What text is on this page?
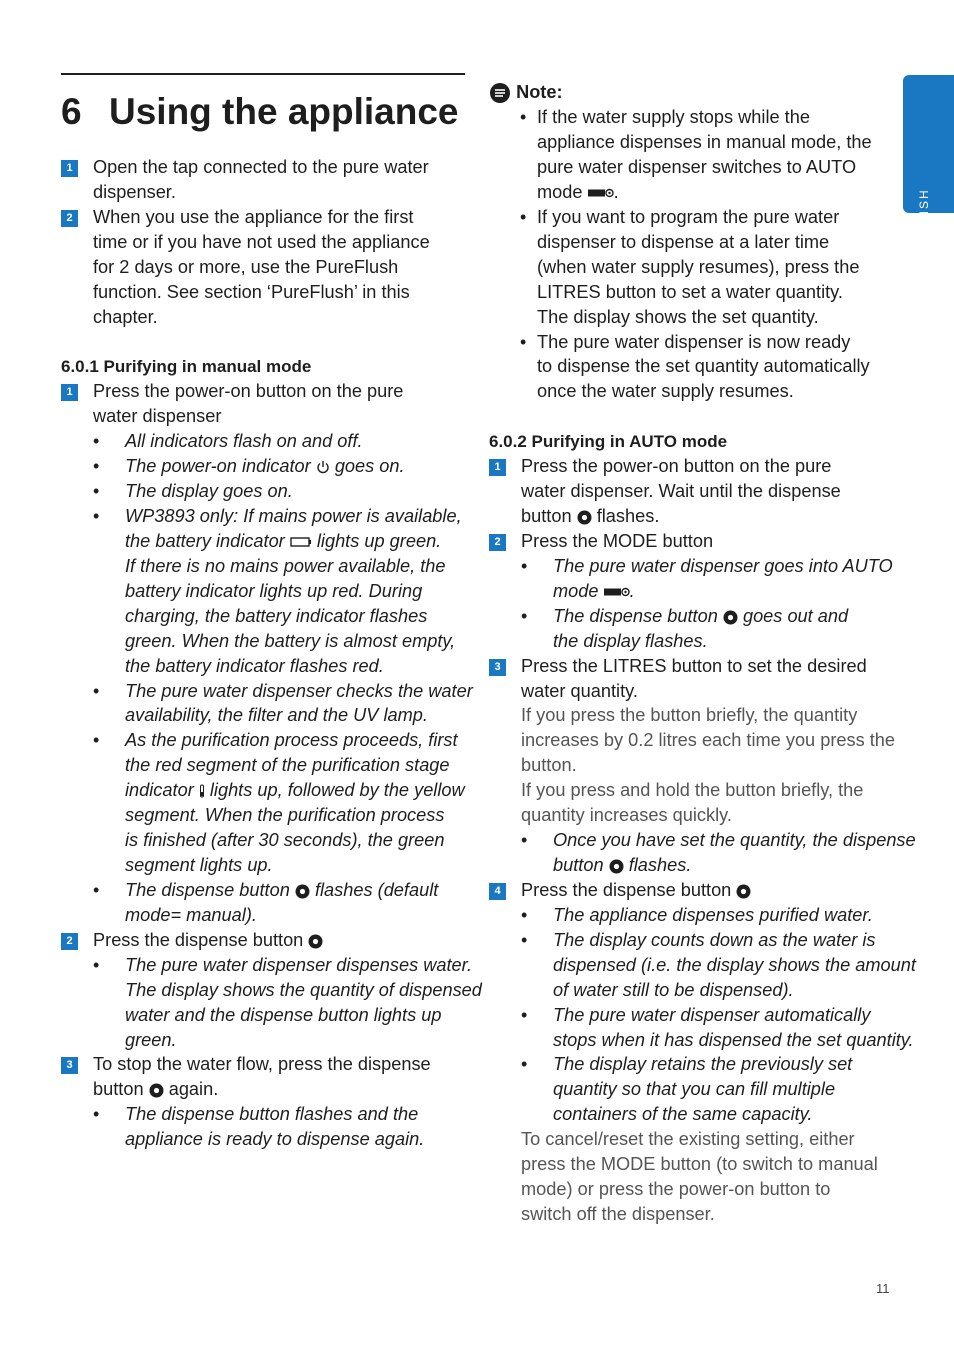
ENGLISH
6 Using the appliance
1 Open the tap connected to the pure water
dispenser.
2 When you use the appliance for the first
time or if you have not used the appliance
for 2 days or more, use the PureFlush
function. See section ‘PureFlush’ in this
chapter.
6.0.1 Purifying in manual mode
1 Press the power-on button on the pure
water dispenser
• All indicators flash on and off.
• The power-on indicator goes on.
• The display goes on.
• WP3893 only: If mains power is available,
the battery indicator lights up green.
If there is no mains power available, the
battery indicator lights up red. During
charging, the battery indicator flashes
green. When the battery is almost empty,
the battery indicator flashes red.
• The pure water dispenser checks the water
availability, the filter and the UV lamp.
• As the purification process proceeds, first
the red segment of the purification stage
indicator lights up, followed by the yellow
segment. When the purification process
is finished (after 30 seconds), the green
segment lights up.
• The dispense button flashes (default
mode= manual).
2 Press the dispense button
• The pure water dispenser dispenses water.
The display shows the quantity of dispensed
water and the dispense button lights up
green.
3 To stop the water flow, press the dispense
button again.
• The dispense button flashes and the
appliance is ready to dispense again.
Note:
• If the water supply stops while the
appliance dispenses in manual mode, the
pure water dispenser switches to AUTO
mode .
• If you want to program the pure water
dispenser to dispense at a later time
(when water supply resumes), press the
LITRES button to set a water quantity.
The display shows the set quantity.
• The pure water dispenser is now ready
to dispense the set quantity automatically
once the water supply resumes.
6.0.2 Purifying in AUTO mode
1 Press the power-on button on the pure
water dispenser. Wait until the dispense
button flashes.
2 Press the MODE button
• The pure water dispenser goes into AUTO
mode .
• The dispense button goes out and
the display flashes.
3 Press the LITRES button to set the desired
water quantity.
If you press the button briefly, the quantity
increases by 0.2 litres each time you press the
button.
If you press and hold the button briefly, the
quantity increases quickly.
• Once you have set the quantity, the dispense
button flashes.
4 Press the dispense button
• The appliance dispenses purified water.
• The display counts down as the water is
dispensed (i.e. the display shows the amount
of water still to be dispensed).
• The pure water dispenser automatically
stops when it has dispensed the set quantity.
• The display retains the previously set
quantity so that you can fill multiple
containers of the same capacity.
To cancel/reset the existing setting, either
press the MODE button (to switch to manual
mode) or press the power-on button to
switch off the dispenser.
11
